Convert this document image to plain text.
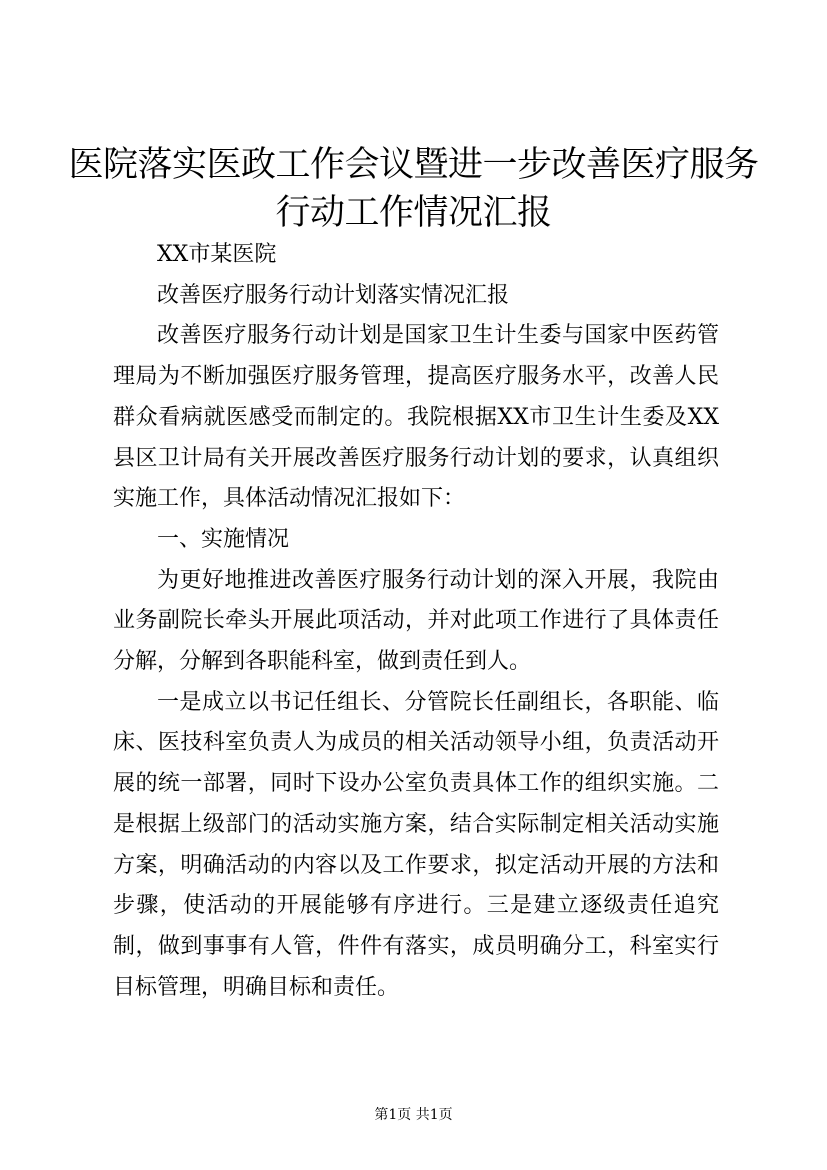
医院落实医政工作会议暨进一步改善医疗服务
行动工作情况汇报

XX市某医院

改善医疗服务行动计划落实情况汇报

改善医疗服务行动计划是国家卫生计生委与国家中医药管理局为不断加强医疗服务管理，提高医疗服务水平，改善人民群众看病就医感受而制定的。我院根据XX市卫生计生委及XX县区卫计局有关开展改善医疗服务行动计划的要求，认真组织实施工作，具体活动情况汇报如下：

一、实施情况

为更好地推进改善医疗服务行动计划的深入开展，我院由业务副院长牵头开展此项活动，并对此项工作进行了具体责任分解，分解到各职能科室，做到责任到人。

一是成立以书记任组长、分管院长任副组长，各职能、临床、医技科室负责人为成员的相关活动领导小组，负责活动开展的统一部署，同时下设办公室负责具体工作的组织实施。二是根据上级部门的活动实施方案，结合实际制定相关活动实施方案，明确活动的内容以及工作要求，拟定活动开展的方法和步骤，使活动的开展能够有序进行。三是建立逐级责任追究制，做到事事有人管，件件有落实，成员明确分工，科室实行目标管理，明确目标和责任。

第1页 共1页
